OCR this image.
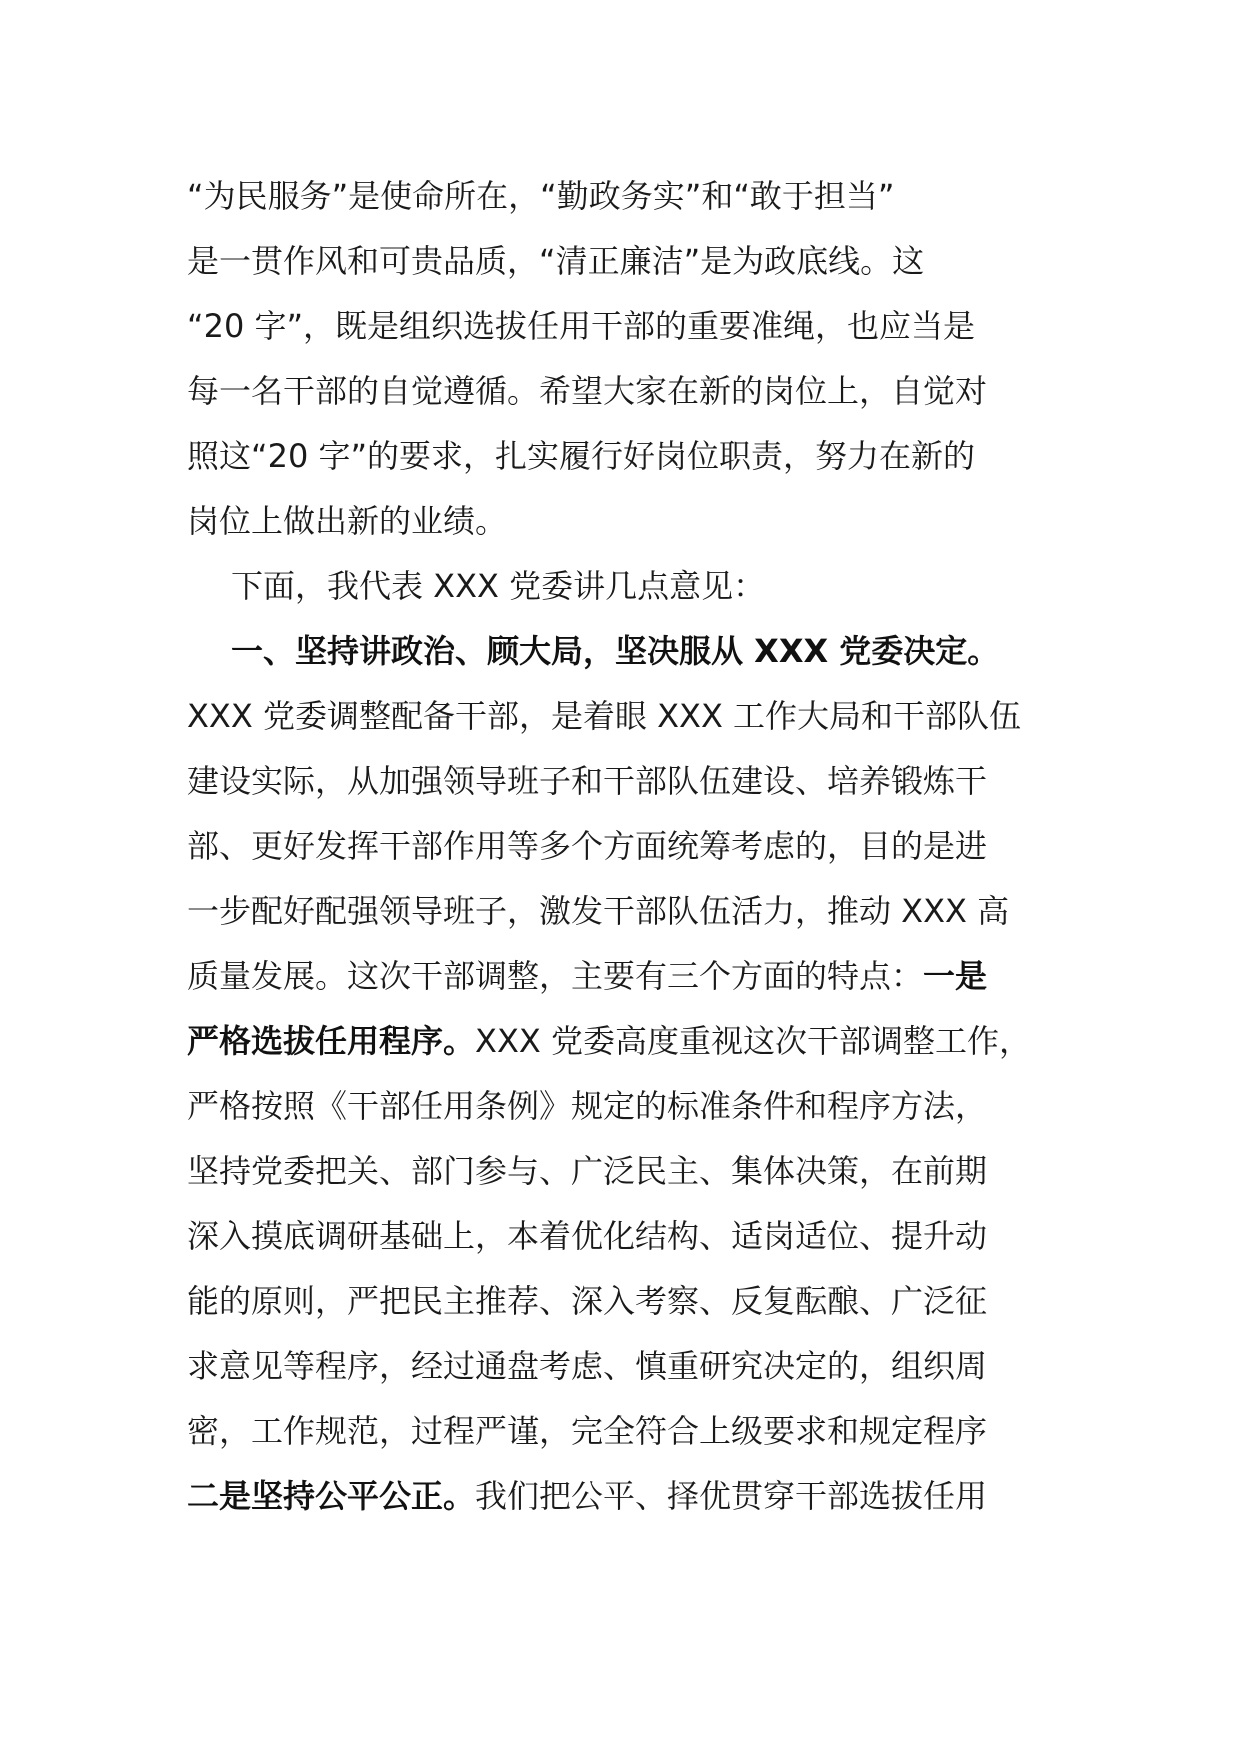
“为民服务”是使命所在，“勤政务实”和“敢于担当”
是一贯作风和可贵品质，“清正廉洁”是为政底线。这
“20 字”，既是组织选拔任用干部的重要准绳，也应当是
每一名干部的自觉遵循。希望大家在新的岗位上，自觉对
照这“20 字”的要求，扎实履行好岗位职责，努力在新的
岗位上做出新的业绩。
下面，我代表 XXX 党委讲几点意见：
一、坚持讲政治、顾大局，坚决服从 XXX 党委决定。
XXX 党委调整配备干部，是着眼 XXX 工作大局和干部队伍
建设实际，从加强领导班子和干部队伍建设、培养锻炼干
部、更好发挥干部作用等多个方面统筹考虑的，目的是进
一步配好配强领导班子，激发干部队伍活力，推动 XXX 高
质量发展。这次干部调整，主要有三个方面的特点：一是
严格选拔任用程序。XXX 党委高度重视这次干部调整工作，
严格按照《干部任用条例》规定的标准条件和程序方法，
坚持党委把关、部门参与、广泛民主、集体决策，在前期
深入摸底调研基础上，本着优化结构、适岗适位、提升动
能的原则，严把民主推荐、深入考察、反复酝酿、广泛征
求意见等程序，经过通盘考虑、慎重研究决定的，组织周
密，工作规范，过程严谨，完全符合上级要求和规定程序
二是坚持公平公正。我们把公平、择优贯穿干部选拔任用
